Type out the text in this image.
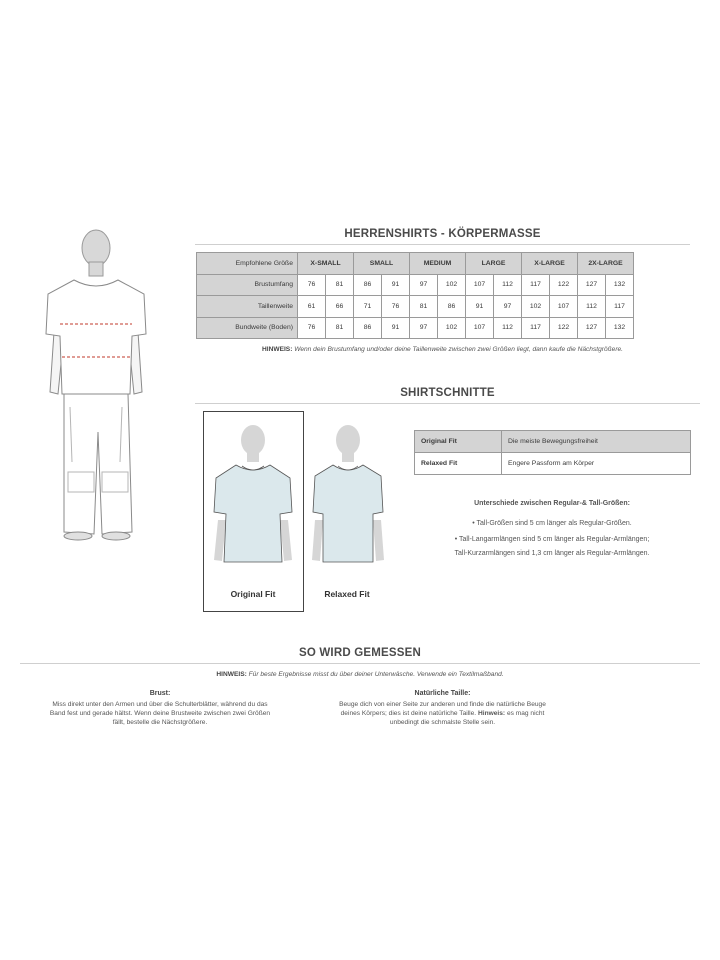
HERRENSHIRTS - KÖRPERMASSE
Empfohlene Größe	X-SMALL		SMALL		MEDIUM		LARGE		X-LARGE		2X-LARGE	
Brustumfang	76	81	86	91	97	102	107	112	117	122	127	132
Taillenweite	61	66	71	76	81	86	91	97	102	107	112	117
Bundweite (Boden)	76	81	86	91	97	102	107	112	117	122	127	132
HINWEIS: Wenn dein Brustumfang und/oder deine Taillenweite zwischen zwei Größen liegt, dann kaufe die Nächstgrößere.
SHIRTSCHNITTE
Original Fit	Relaxed Fit
Original Fit	Die meiste Bewegungsfreiheit
Relaxed Fit	Engere Passform am Körper
Unterschiede zwischen Regular-& Tall-Größen:
• Tall-Größen sind 5 cm länger als Regular-Größen.
• Tall-Langarmlängen sind 5 cm länger als Regular-Armlängen;
Tall-Kurzarmlängen sind 1,3 cm länger als Regular-Armlängen.
SO WIRD GEMESSEN
HINWEIS: Für beste Ergebnisse misst du über deiner Unterwäsche. Verwende ein Textilmaßband.
Brust:
Miss direkt unter den Armen und über die Schulterblätter, während du das
Band fest und gerade hältst. Wenn deine Brustweite zwischen zwei Größen
fällt, bestelle die Nächstgrößere.
Natürliche Taille:
Beuge dich von einer Seite zur anderen und finde die natürliche Beuge
deines Körpers; dies ist deine natürliche Taille. Hinweis: es mag nicht
unbedingt die schmalste Stelle sein.
